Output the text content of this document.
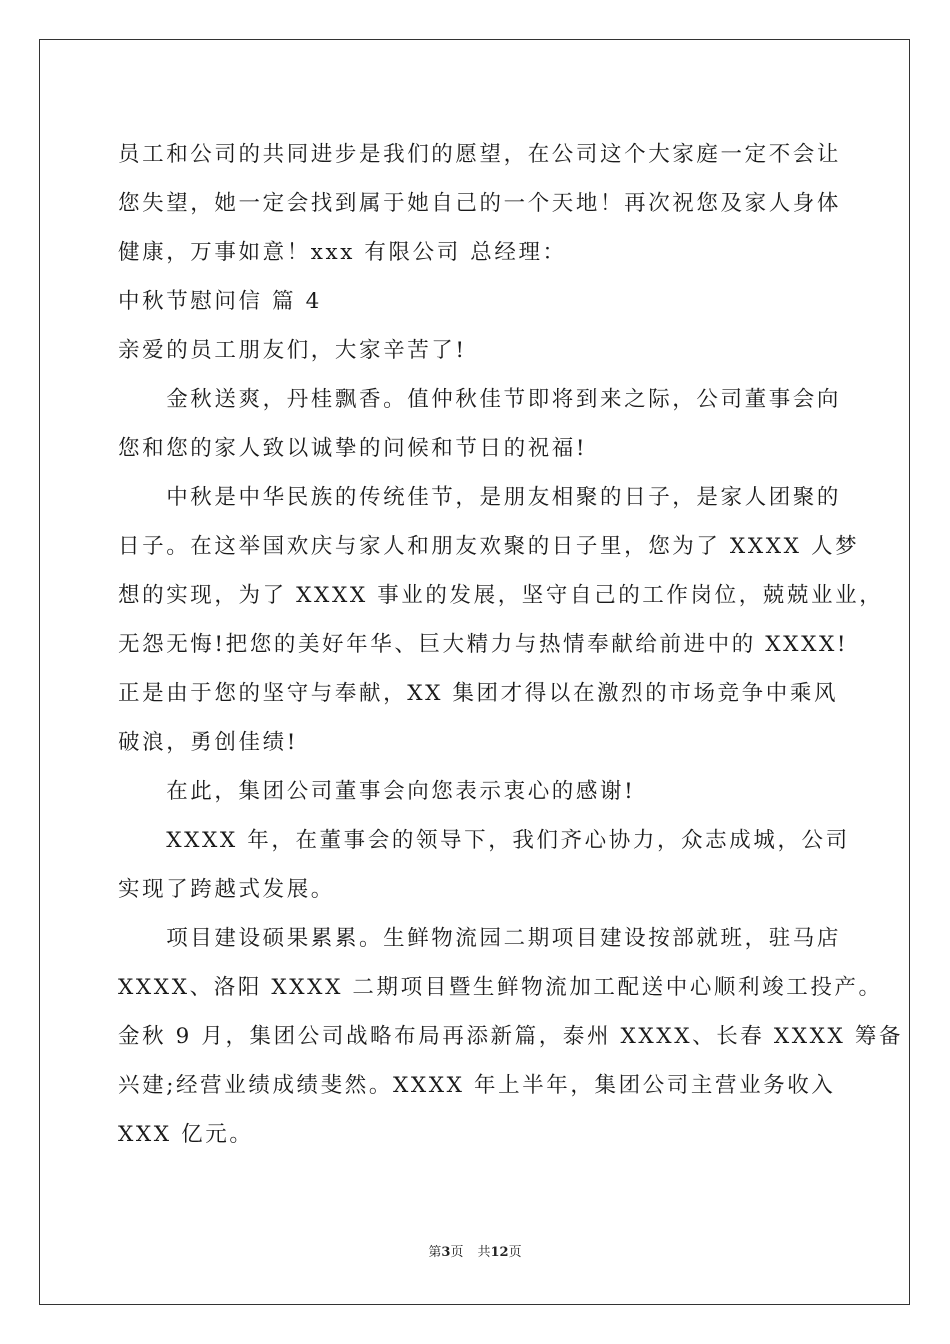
员工和公司的共同进步是我们的愿望，在公司这个大家庭一定不会让
您失望，她一定会找到属于她自己的一个天地！再次祝您及家人身体
健康，万事如意！xxx 有限公司 总经理：
中秋节慰问信 篇 4
亲爱的员工朋友们，大家辛苦了!
　　金秋送爽，丹桂飘香。值仲秋佳节即将到来之际，公司董事会向
您和您的家人致以诚挚的问候和节日的祝福!
　　中秋是中华民族的传统佳节，是朋友相聚的日子，是家人团聚的
日子。在这举国欢庆与家人和朋友欢聚的日子里，您为了 XXXX 人梦
想的实现，为了 XXXX 事业的发展，坚守自己的工作岗位，兢兢业业，
无怨无悔!把您的美好年华、巨大精力与热情奉献给前进中的 XXXX!
正是由于您的坚守与奉献，XX 集团才得以在激烈的市场竞争中乘风
破浪，勇创佳绩!
　　在此，集团公司董事会向您表示衷心的感谢!
　　XXXX 年，在董事会的领导下，我们齐心协力，众志成城，公司
实现了跨越式发展。
　　项目建设硕果累累。生鲜物流园二期项目建设按部就班，驻马店
XXXX、洛阳 XXXX 二期项目暨生鲜物流加工配送中心顺利竣工投产。
金秋 9 月，集团公司战略布局再添新篇，泰州 XXXX、长春 XXXX 筹备
兴建;经营业绩成绩斐然。XXXX 年上半年，集团公司主营业务收入
XXX 亿元。
第3页 共12页
